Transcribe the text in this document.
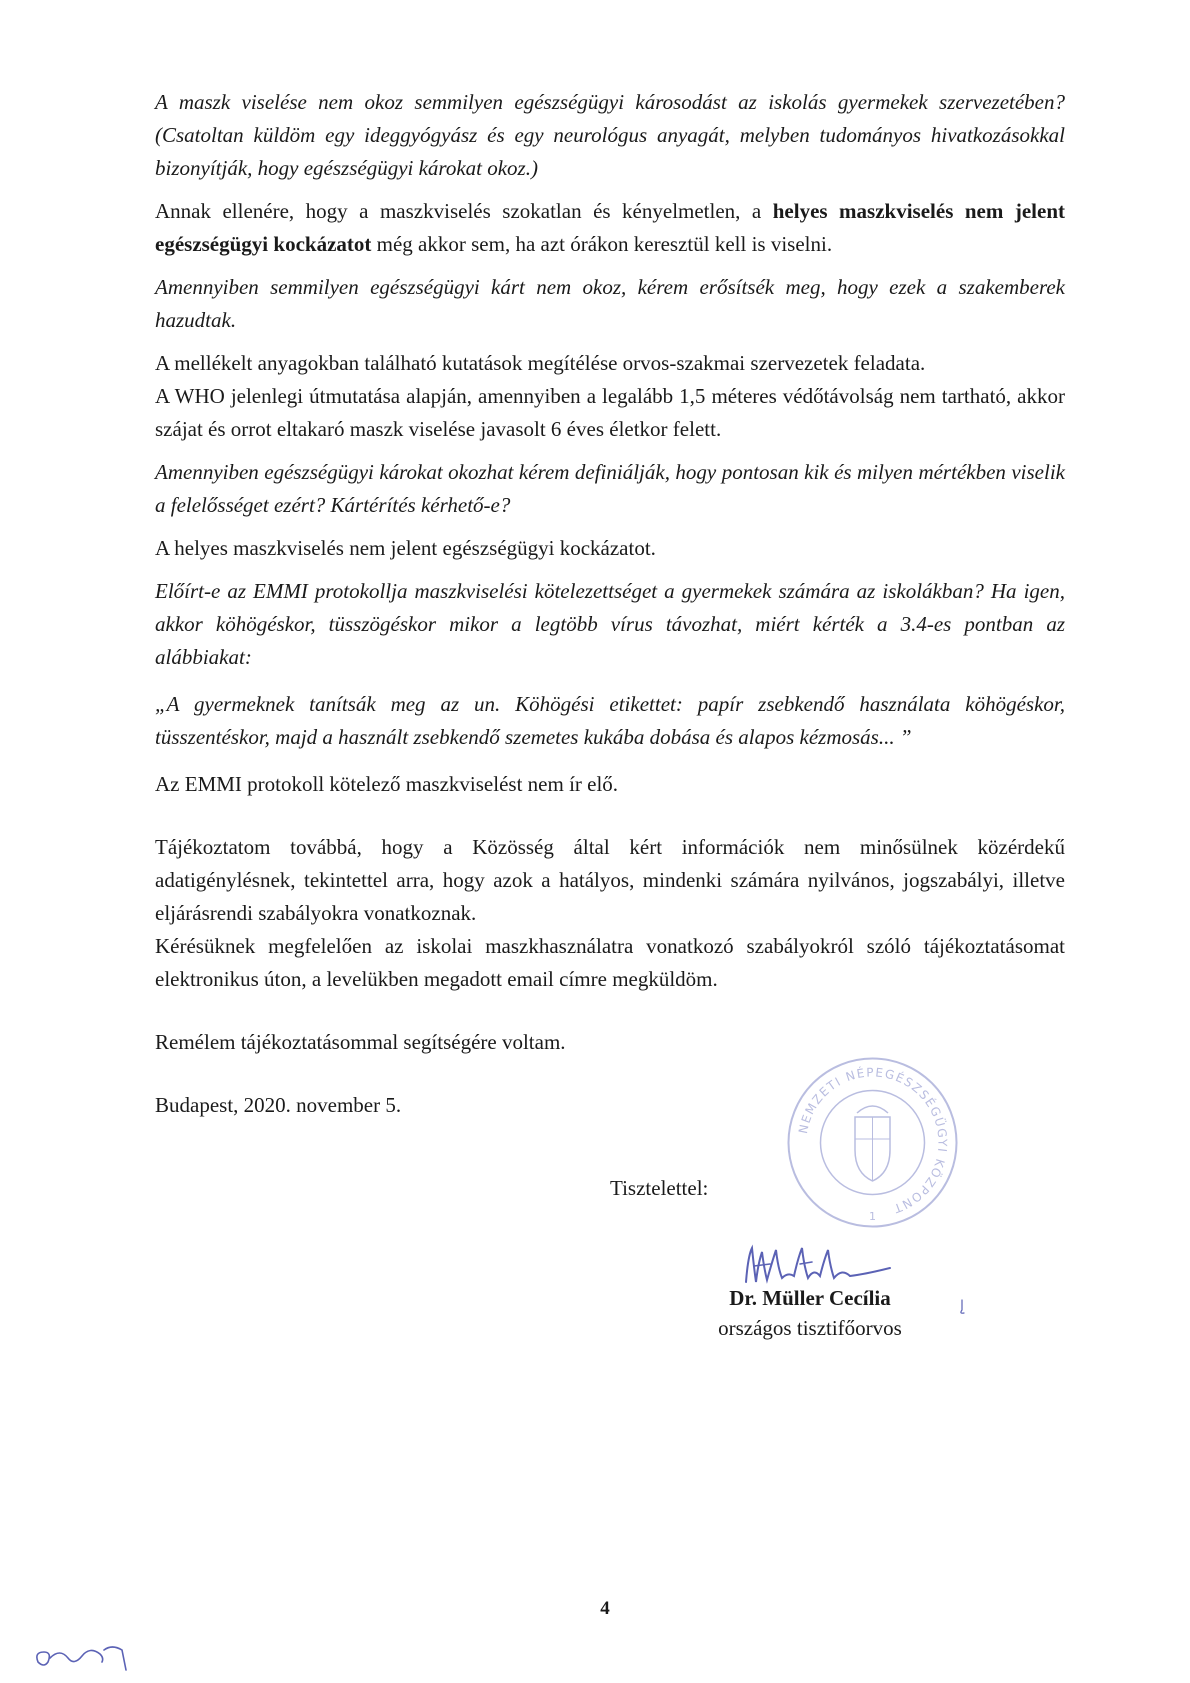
A maszk viselése nem okoz semmilyen egészségügyi károsodást az iskolás gyermekek szervezetében? (Csatoltan küldöm egy ideggyógyász és egy neurológus anyagát, melyben tudományos hivatkozásokkal bizonyítják, hogy egészségügyi károkat okoz.)

Annak ellenére, hogy a maszkviselés szokatlan és kényelmetlen, a helyes maszkviselés nem jelent egészségügyi kockázatot még akkor sem, ha azt órákon keresztül kell is viselni.

Amennyiben semmilyen egészségügyi kárt nem okoz, kérem erősítsék meg, hogy ezek a szakemberek hazudtak.

A mellékelt anyagokban található kutatások megítélése orvos-szakmai szervezetek feladata.

A WHO jelenlegi útmutatása alapján, amennyiben a legalább 1,5 méteres védőtávolság nem tartható, akkor szájat és orrot eltakaró maszk viselése javasolt 6 éves életkor felett.

Amennyiben egészségügyi károkat okozhat kérem definiálják, hogy pontosan kik és milyen mértékben viselik a felelősséget ezért? Kártérítés kérhető-e?

A helyes maszkviselés nem jelent egészségügyi kockázatot.

Előírt-e az EMMI protokollja maszkviselési kötelezettséget a gyermekek számára az iskolákban? Ha igen, akkor köhögéskor, tüsszögéskor mikor a legtöbb vírus távozhat, miért kérték a 3.4-es pontban az alábbiakat:

„A gyermeknek tanítsák meg az un. Köhögési etikettet: papír zsebkendő használata köhögéskor, tüsszentéskor, majd a használt zsebkendő szemetes kukába dobása és alapos kézmosás... ”

Az EMMI protokoll kötelező maszkviselést nem ír elő.

Tájékoztatom továbbá, hogy a Közösség által kért információk nem minősülnek közérdekű adatigénylésnek, tekintettel arra, hogy azok a hatályos, mindenki számára nyilvános, jogszabályi, illetve eljárásrendi szabályokra vonatkoznak.

Kérésüknek megfelelően az iskolai maszkhasználatra vonatkozó szabályokról szóló tájékoztatásomat elektronikus úton, a levelükben megadott email címre megküldöm.

Remélem tájékoztatásommal segítségére voltam.

Budapest, 2020. november 5.

NEMZETI NÉPEGÉSZSÉGÜGYI KÖZPONT
1
Tisztelettel:
Dr. Müller Cecília
országos tisztifőorvos
4
